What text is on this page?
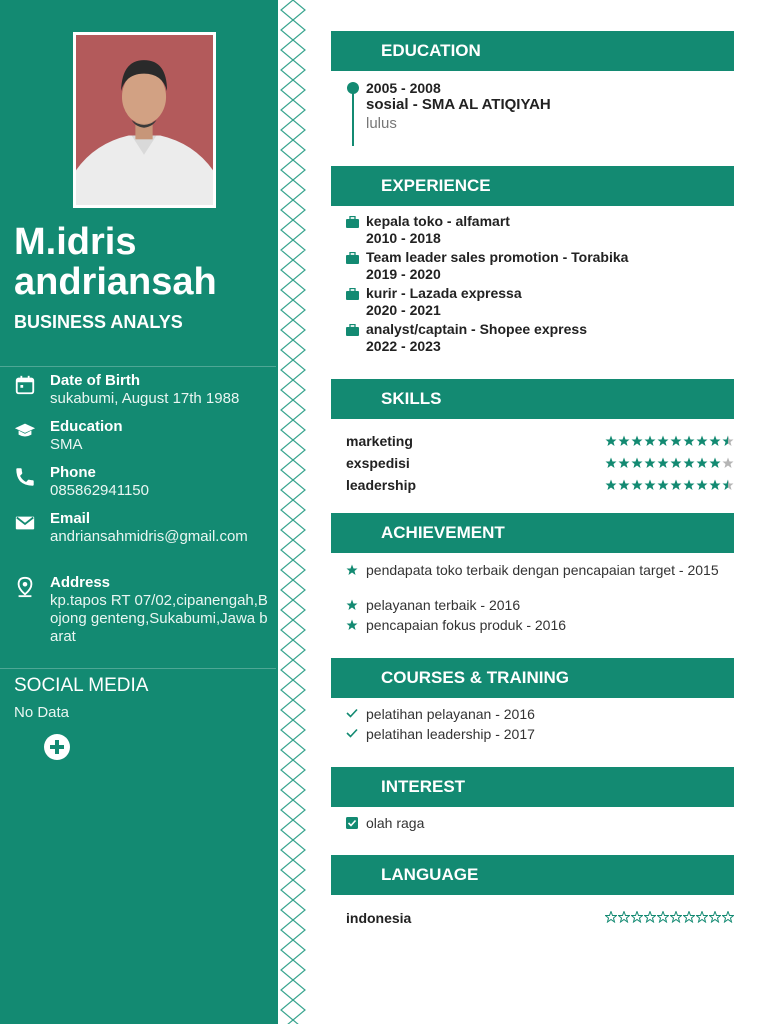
M.idris andriansah
BUSINESS ANALYS
Date of Birth
sukabumi, August 17th 1988
Education
SMA
Phone
085862941150
Email
andriansahmidris@gmail.com
Address
kp.tapos RT 07/02,cipanengah,Bojong genteng,Sukabumi,Jawa barat
SOCIAL MEDIA
No Data
EDUCATION
2005 - 2008
sosial - SMA AL ATIQIYAH
lulus
EXPERIENCE
kepala toko - alfamart
2010 - 2018
Team leader sales promotion - Torabika
2019 - 2020
kurir - Lazada expressa
2020 - 2021
analyst/captain - Shopee express
2022 - 2023
SKILLS
marketing
exspedisi
leadership
ACHIEVEMENT
pendapata toko terbaik dengan pencapaian target - 2015
pelayanan terbaik - 2016
pencapaian fokus produk - 2016
COURSES & TRAINING
pelatihan pelayanan - 2016
pelatihan leadership - 2017
INTEREST
olah raga
LANGUAGE
indonesia
